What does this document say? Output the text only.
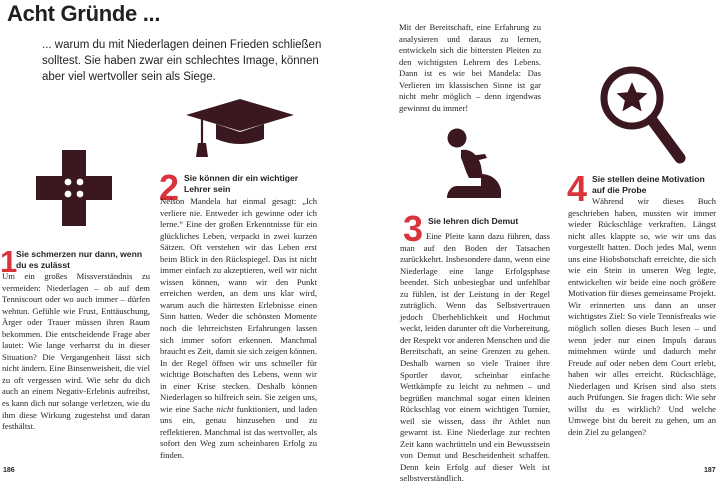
Acht Gründe ...
... warum du mit Niederlagen deinen Frieden schließen solltest. Sie haben zwar ein schlechtes Image, können aber viel wertvoller sein als Siege.
Mit der Bereitschaft, eine Erfahrung zu analysieren und daraus zu lernen, entwickeln sich die bittersten Pleiten zu den wichtigsten Lehrern des Lebens. Dann ist es wie bei Mandela: Das Verlieren im klassischen Sinne ist gar nicht mehr möglich – denn irgendwas gewinnst du immer!
1
Sie schmerzen nur dann, wenn du es zulässt
Um ein großes Missverständnis zu vermeiden: Niederlagen – ob auf dem Tenniscourt oder wo auch immer – dürfen wehtun. Gefühle wie Frust, Enttäuschung, Ärger oder Trauer müssen ihren Raum bekommen. Die entscheidende Frage aber lautet: Wie lange verharrst du in dieser Situation? Die Vergangenheit lässt sich nicht ändern. Eine Binsenweisheit, die viel zu oft vergessen wird. Wie sehr du dich auch an einem Negativ-Erlebnis aufreibst, es kann dich nur solange verletzen, wie du ihm diese Wirkung zugestehst und daran festhältst.
2 Sie können dir ein wichtiger Lehrer sein
Nelson Mandela hat einmal gesagt: „Ich verliere nie. Entweder ich gewinne oder ich lerne.“ Eine der großen Erkenntnisse für ein glückliches Leben, verpackt in zwei kurzen Sätzen. Oft verstehen wir das Leben erst beim Blick in den Rückspiegel. Das ist nicht immer einfach zu akzeptieren, weil wir nicht wissen können, wann wir den Punkt erreichen werden, an dem uns klar wird, warum auch die härtesten Erlebnisse einen Sinn hatten. Weder die schönsten Momente noch die lehrreichsten Erfahrungen lassen sich immer sofort erkennen. Manchmal braucht es Zeit, damit sie sich zeigen können. In der Regel öffnen wir uns schneller für wichtige Botschaften des Lebens, wenn wir in einer Krise stecken. Deshalb können Niederlagen so hilfreich sein. Sie zeigen uns, wie eine Sache nicht funktioniert, und laden uns ein, genau hinzusehen und zu reflektieren. Manchmal ist das wertvoller, als sofort den Weg zum scheinbaren Erfolg zu finden.
3 Sie lehren dich Demut
Eine Pleite kann dazu führen, dass man auf den Boden der Tatsachen zurückkehrt. Insbesondere dann, wenn eine Niederlage eine lange Erfolgsphase beendet. Sich unbesiegbar und unfehlbar zu fühlen, ist der Leistung in der Regel zuträglich. Wenn das Selbstvertrauen jedoch Überheblichkeit und Hochmut weckt, leiden darunter oft die Vorbereitung, der Respekt vor anderen Menschen und die Bereitschaft, an seine Grenzen zu gehen. Deshalb warnen so viele Trainer ihre Sportler davor, scheinbar einfache Wettkämpfe zu leicht zu nehmen – und begrüßen manchmal sogar einen kleinen Rückschlag vor einem wichtigen Turnier, weil sie wissen, dass ihr Athlet nun gewarnt ist. Eine Niederlage zur rechten Zeit kann wachrütteln und ein Bewusstsein von Demut und Bescheidenheit schaffen. Denn kein Erfolg auf dieser Welt ist selbstverständlich.
4 Sie stellen deine Motivation auf die Probe
Während wir dieses Buch geschrieben haben, mussten wir immer wieder Rückschläge verkraften. Längst nicht alles klappte so, wie wir uns das vorgestellt hatten. Doch jedes Mal, wenn uns eine Hiobsbotschaft erreichte, die sich wie ein Stein in unseren Weg legte, entwickelten wir beide eine noch größere Motivation für dieses gemeinsame Projekt. Wir erinnerten uns dann an unser wichtigstes Ziel: So viele Tennisfreaks wie möglich sollen dieses Buch lesen – und wenn jeder nur einen Impuls daraus mitnehmen würde und dadurch mehr Freude auf oder neben dem Court erlebt, haben wir alles erreicht. Rückschläge, Niederlagen und Krisen sind also stets auch Prüfungen. Sie fragen dich: Wie sehr willst du es wirklich? Und welche Umwege bist du bereit zu gehen, um an dein Ziel zu gelangen?
186	187
